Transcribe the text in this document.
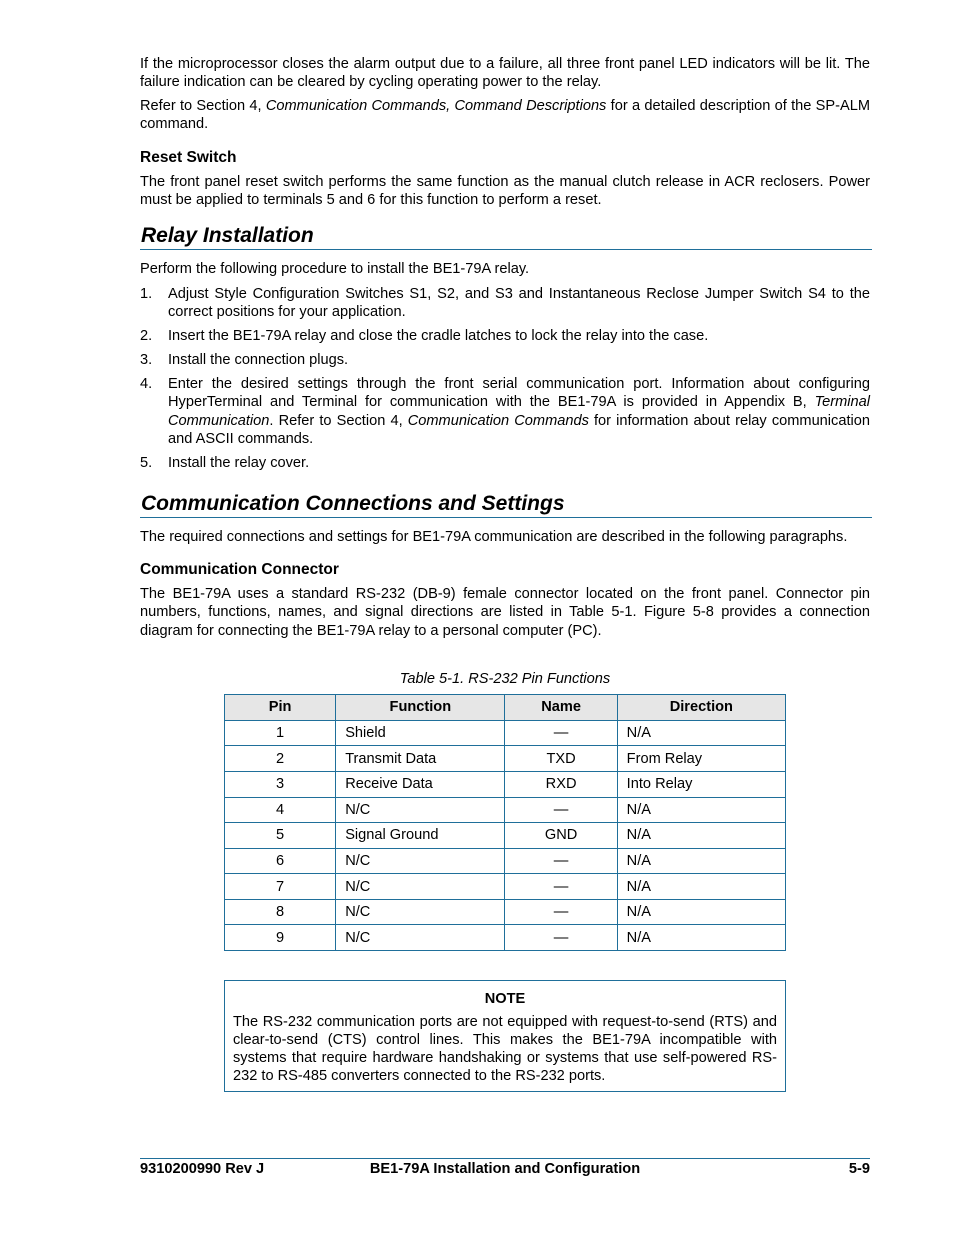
If the microprocessor closes the alarm output due to a failure, all three front panel LED indicators will be lit. The failure indication can be cleared by cycling operating power to the relay.

Refer to Section 4, Communication Commands, Command Descriptions for a detailed description of the SP-ALM command.

Reset Switch

The front panel reset switch performs the same function as the manual clutch release in ACR reclosers. Power must be applied to terminals 5 and 6 for this function to perform a reset.

Relay Installation

Perform the following procedure to install the BE1-79A relay.

1. Adjust Style Configuration Switches S1, S2, and S3 and Instantaneous Reclose Jumper Switch S4 to the correct positions for your application.
2. Insert the BE1-79A relay and close the cradle latches to lock the relay into the case.
3. Install the connection plugs.
4. Enter the desired settings through the front serial communication port. Information about configuring HyperTerminal and Terminal for communication with the BE1-79A is provided in Appendix B, Terminal Communication. Refer to Section 4, Communication Commands for information about relay communication and ASCII commands.
5. Install the relay cover.
Communication Connections and Settings

The required connections and settings for BE1-79A communication are described in the following paragraphs.

Communication Connector

The BE1-79A uses a standard RS-232 (DB-9) female connector located on the front panel. Connector pin numbers, functions, names, and signal directions are listed in Table 5-1. Figure 5-8 provides a connection diagram for connecting the BE1-79A relay to a personal computer (PC).

Table 5-1. RS-232 Pin Functions
Pin	Function	Name	Direction
1	Shield	—	N/A
2	Transmit Data	TXD	From Relay
3	Receive Data	RXD	Into Relay
4	N/C	—	N/A
5	Signal Ground	GND	N/A
6	N/C	—	N/A
7	N/C	—	N/A
8	N/C	—	N/A
9	N/C	—	N/A
NOTE

The RS-232 communication ports are not equipped with request-to-send (RTS) and clear-to-send (CTS) control lines. This makes the BE1-79A incompatible with systems that require hardware handshaking or systems that use self-powered RS-232 to RS-485 converters connected to the RS-232 ports.

9310200990 Rev J	BE1-79A Installation and Configuration	5-9
